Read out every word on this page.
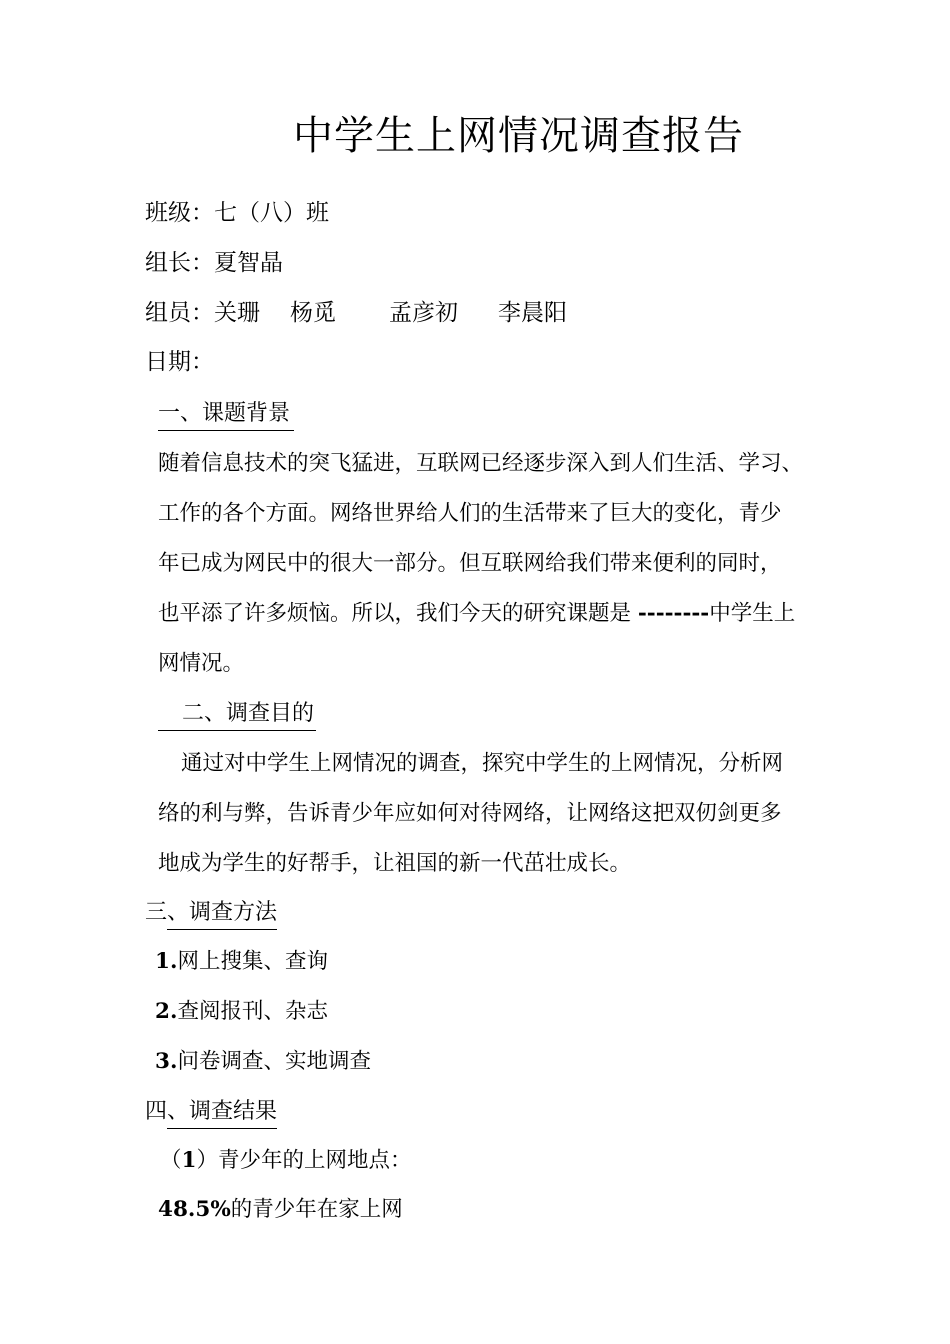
中学生上网情况调查报告
班级：七（八）班
组长：夏智晶
组员：关珊 杨觅 孟彦初 李晨阳
日期：
一、课题背景
随着信息技术的突飞猛进，互联网已经逐步深入到人们生活、学习、
工作的各个方面。网络世界给人们的生活带来了巨大的变化，青少
年已成为网民中的很大一部分。但互联网给我们带来便利的同时，
也平添了许多烦恼。所以，我们今天的研究课题是 --------中学生上
网情况。
二、调查目的
通过对中学生上网情况的调查，探究中学生的上网情况，分析网
络的利与弊，告诉青少年应如何对待网络，让网络这把双仞剑更多
地成为学生的好帮手，让祖国的新一代茁壮成长。
三、调查方法
1.网上搜集、查询
2.查阅报刊、杂志
3.问卷调查、实地调查
四、调查结果
（1）青少年的上网地点：
48.5%的青少年在家上网
